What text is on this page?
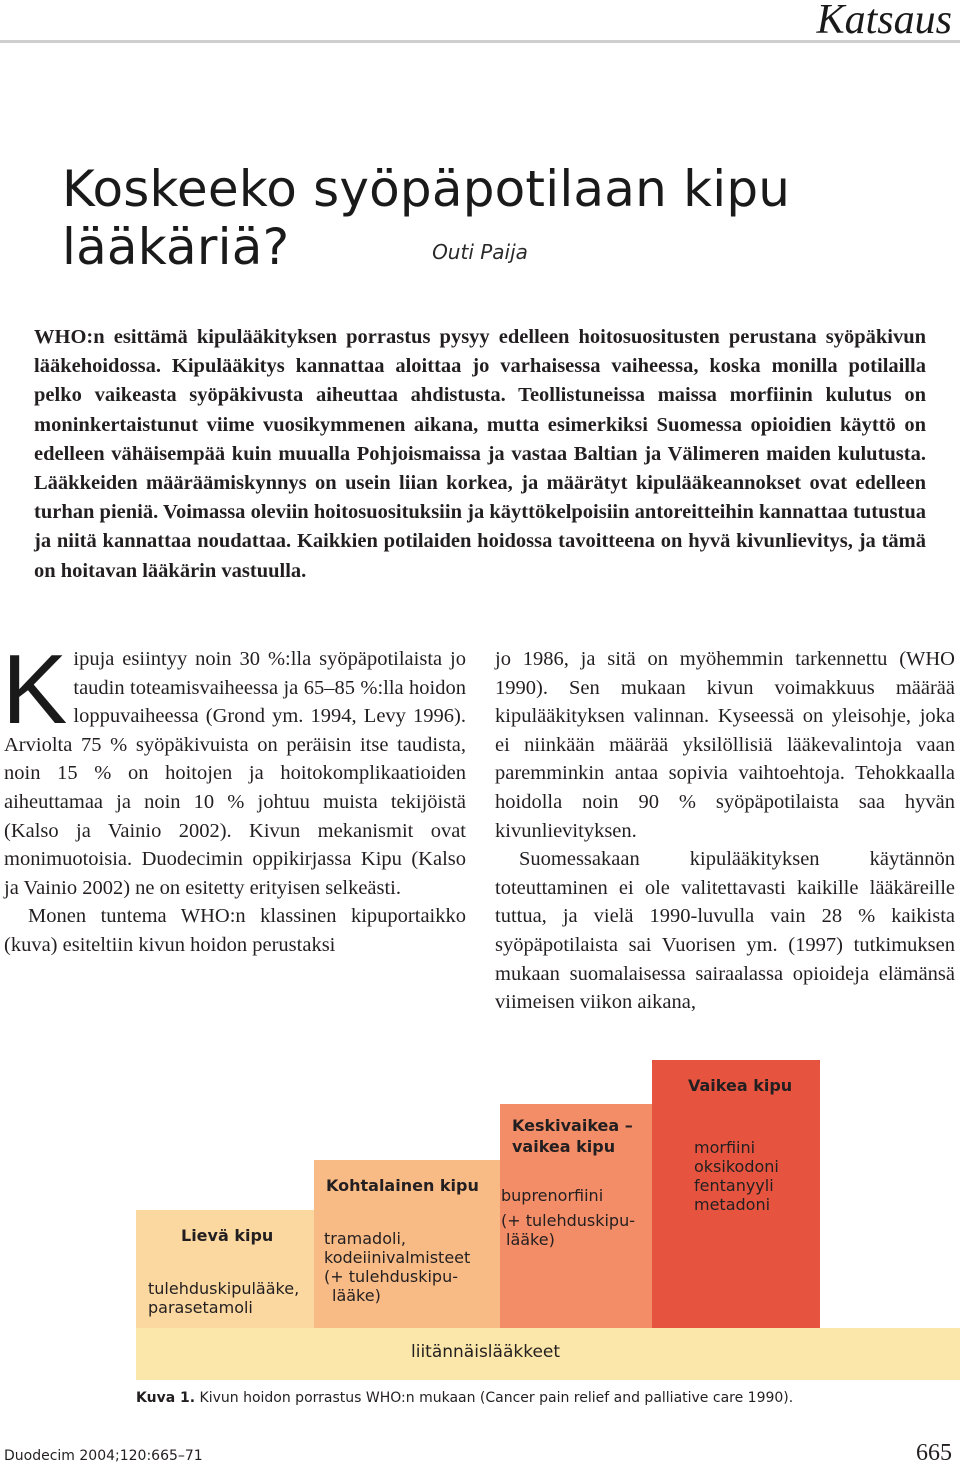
Katsaus
Koskeeko syöpäpotilaan kipu lääkäriä?	Outi Paija
WHO:n esittämä kipulääkityksen porrastus pysyy edelleen hoitosuositusten perustana syöpäkivun lääkehoidossa. Kipulääkitys kannattaa aloittaa jo varhaisessa vaiheessa, koska monilla potilailla pelko vaikeasta syöpäkivusta aiheuttaa ahdistusta. Teollistuneissa maissa morfiinin kulutus on moninkertaistunut viime vuosikymmenen aikana, mutta esimerkiksi Suomessa opioidien käyttö on edelleen vähäisempää kuin muualla Pohjoismaissa ja vastaa Baltian ja Välimeren maiden kulutusta. Lääkkeiden määräämiskynnys on usein liian korkea, ja määrätyt kipulääkeannokset ovat edelleen turhan pieniä. Voimassa oleviin hoitosuosituksiin ja käyttökelpoisiin antoreitteihin kannattaa tutustua ja niitä kannattaa noudattaa. Kaikkien potilaiden hoidossa tavoitteena on hyvä kivunlievitys, ja tämä on hoitavan lääkärin vastuulla.

Kipuja esiintyy noin 30 %:lla syöpäpotilaista jo taudin toteamisvaiheessa ja 65–85 %:lla hoidon loppuvaiheessa (Grond ym. 1994, Levy 1996). Arviolta 75 % syöpäkivuista on peräisin itse taudista, noin 15 % on hoitojen ja hoitokomplikaatioiden aiheuttamaa ja noin 10 % johtuu muista tekijöistä (Kalso ja Vainio 2002). Kivun mekanismit ovat monimuotoisia. Duodecimin oppikirjassa Kipu (Kalso ja Vainio 2002) ne on esitetty erityisen selkeästi.

Monen tuntema WHO:n klassinen kipuportaikko (kuva) esiteltiin kivun hoidon perustaksi

jo 1986, ja sitä on myöhemmin tarkennettu (WHO 1990). Sen mukaan kivun voimakkuus määrää kipulääkityksen valinnan. Kyseessä on yleisohje, joka ei niinkään määrää yksilöllisiä lääkevalintoja vaan paremminkin antaa sopivia vaihtoehtoja. Tehokkaalla hoidolla noin 90 % syöpäpotilaista saa hyvän kivunlievityksen.

Suomessakaan kipulääkityksen käytännön toteuttaminen ei ole valitettavasti kaikille lääkäreille tuttua, ja vielä 1990-luvulla vain 28 % kaikista syöpäpotilaista sai Vuorisen ym. (1997) tutkimuksen mukaan suomalaisessa sairaalassa opioideja elämänsä viimeisen viikon aikana,

Lievä kipu
tulehduskipulääke,
parasetamoli
Kohtalainen kipu
tramadoli,
kodeiinivalmisteet
(+ tulehduskipu-
lääke)
Keskivaikea –
vaikea kipu
buprenorfiini
(+ tulehduskipu-
lääke)
Vaikea kipu
morfiini
oksikodoni
fentanyyli
metadoni
liitännäislääkkeet
Kuva 1. Kivun hoidon porrastus WHO:n mukaan (Cancer pain relief and palliative care 1990).
Duodecim 2004;120:665–71	665
